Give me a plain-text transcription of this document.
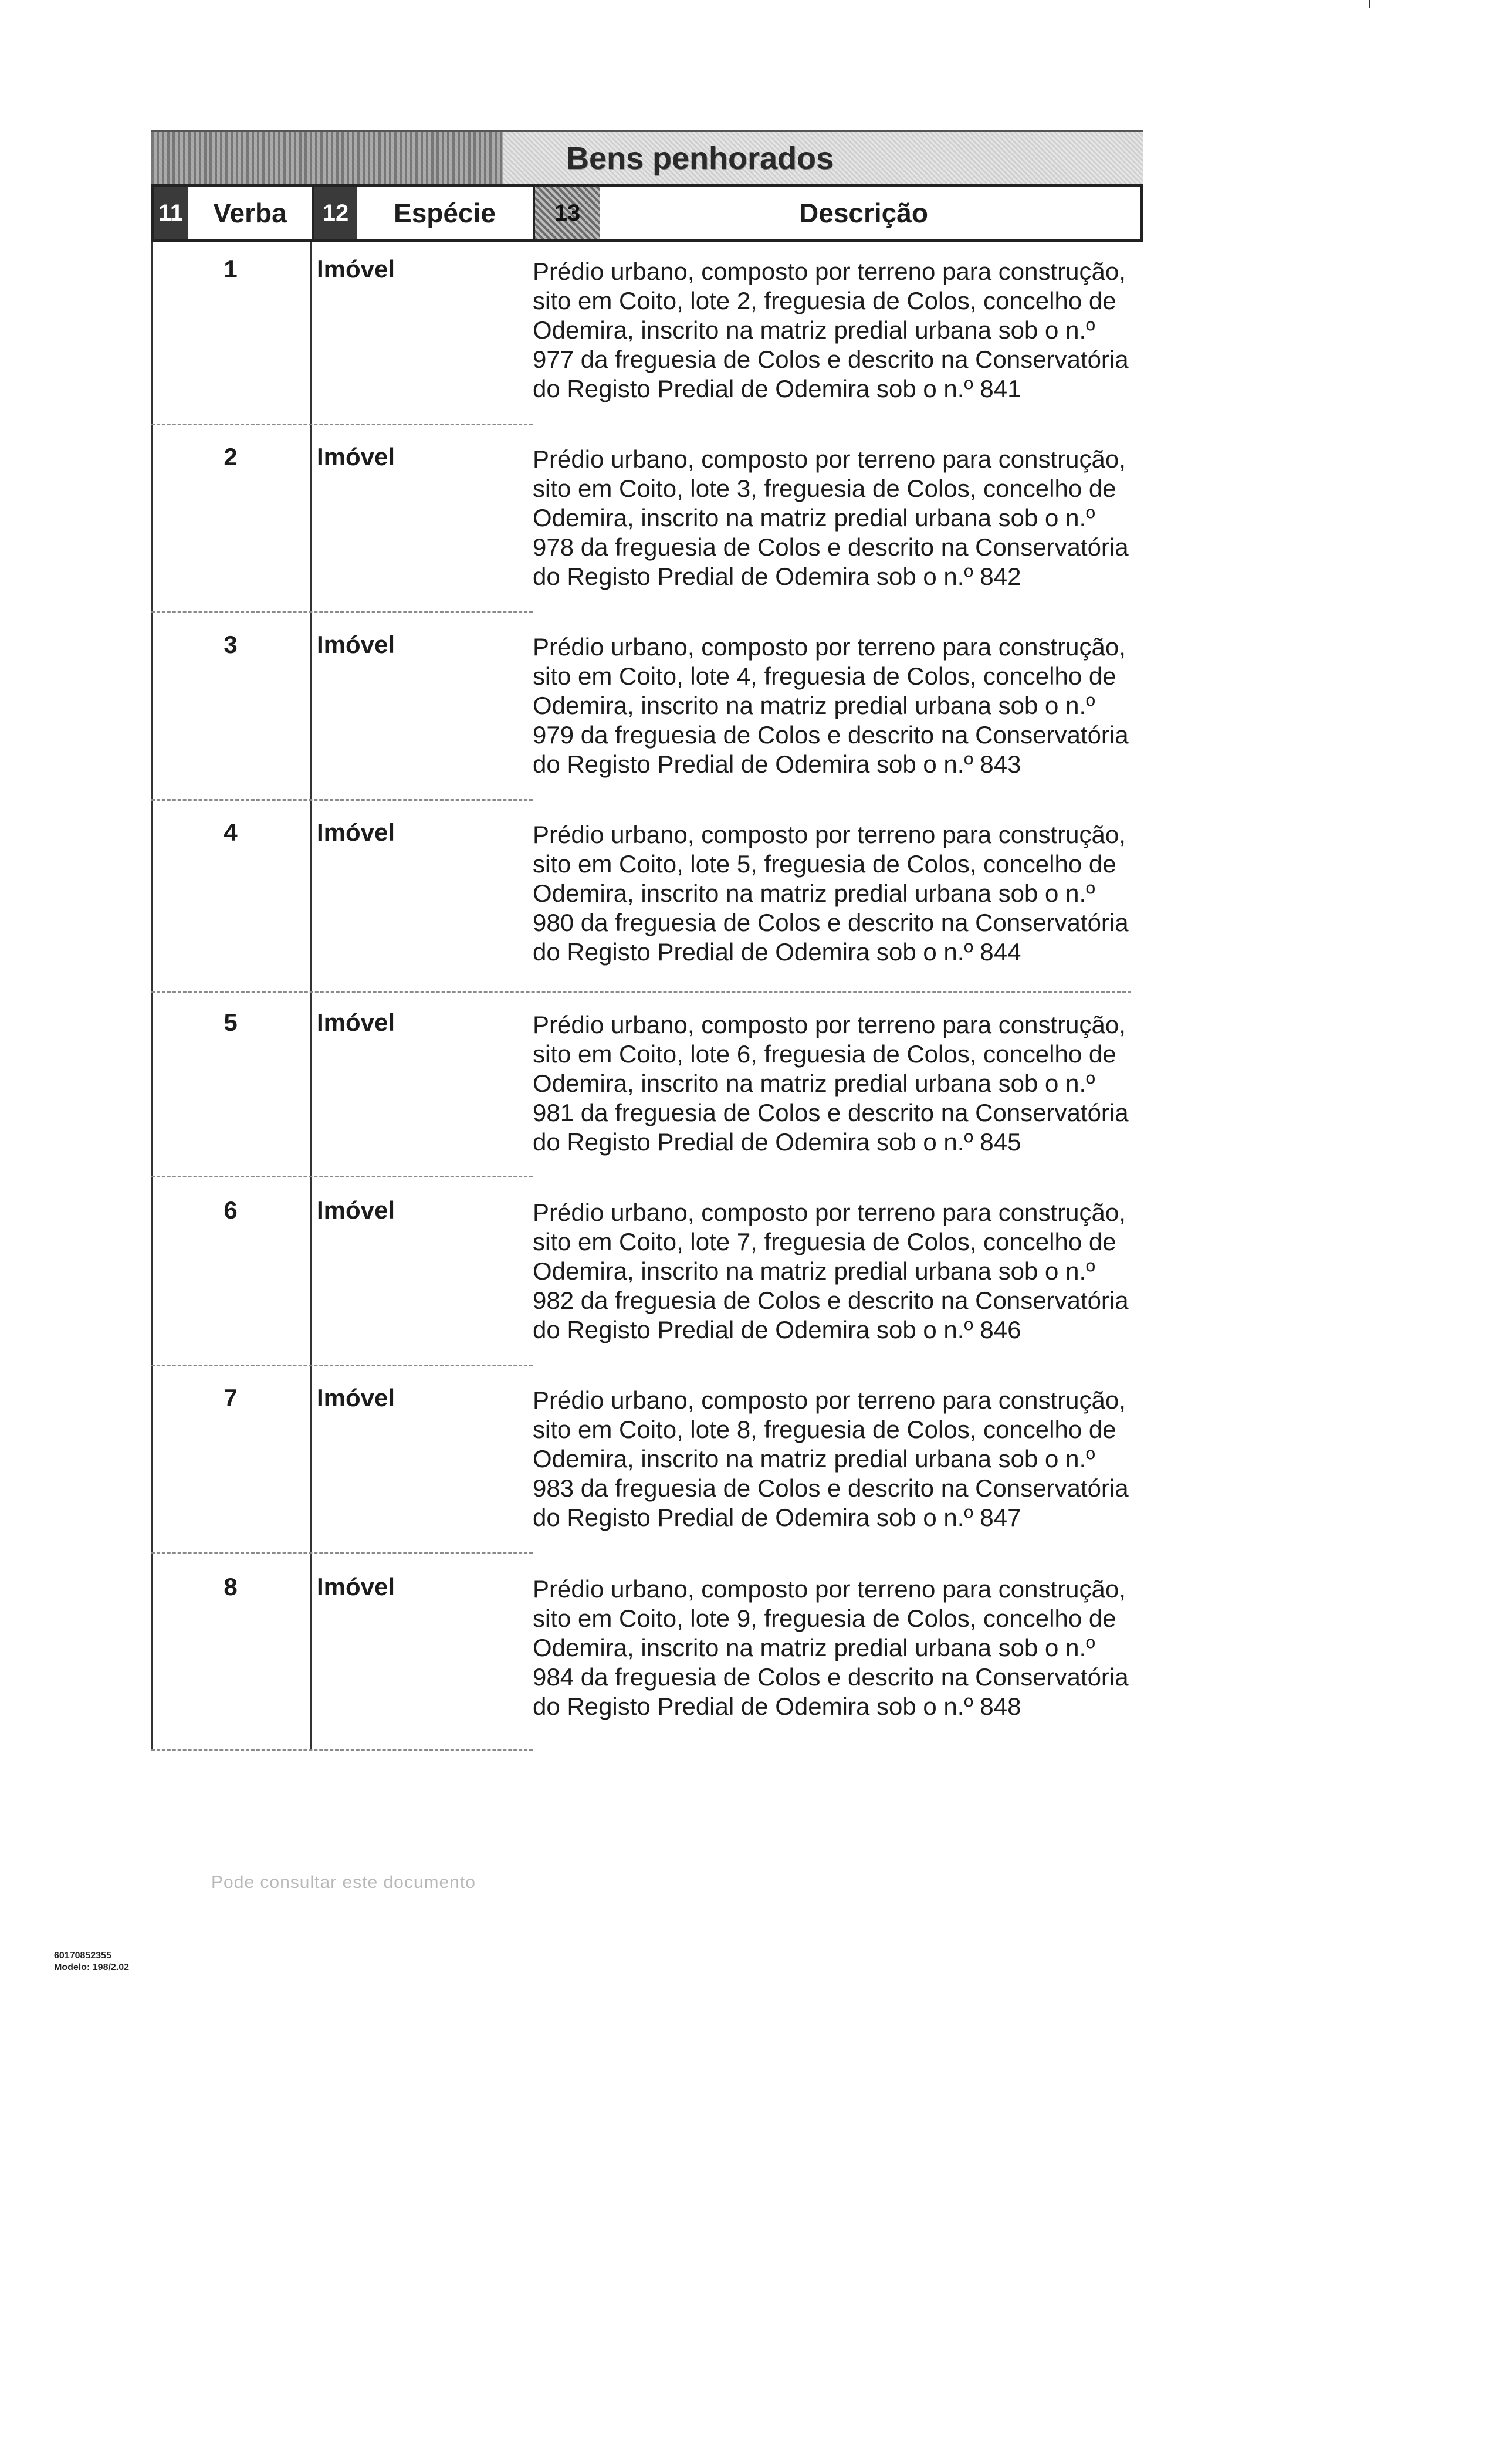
Bens penhorados
11	Verba	12	Espécie	13	Descrição
1	Imóvel	Prédio urbano, composto por terreno para construção, sito em Coito, lote 2, freguesia de Colos, concelho de Odemira, inscrito na matriz predial urbana sob o n.º 977 da freguesia de Colos e descrito na Conservatória do Registo Predial de Odemira sob o n.º 841
2	Imóvel	Prédio urbano, composto por terreno para construção, sito em Coito, lote 3, freguesia de Colos, concelho de Odemira, inscrito na matriz predial urbana sob o n.º 978 da freguesia de Colos e descrito na Conservatória do Registo Predial de Odemira sob o n.º 842
3	Imóvel	Prédio urbano, composto por terreno para construção, sito em Coito, lote 4, freguesia de Colos, concelho de Odemira, inscrito na matriz predial urbana sob o n.º 979 da freguesia de Colos e descrito na Conservatória do Registo Predial de Odemira sob o n.º 843
4	Imóvel	Prédio urbano, composto por terreno para construção, sito em Coito, lote 5, freguesia de Colos, concelho de Odemira, inscrito na matriz predial urbana sob o n.º 980 da freguesia de Colos e descrito na Conservatória do Registo Predial de Odemira sob o n.º 844
5	Imóvel	Prédio urbano, composto por terreno para construção, sito em Coito, lote 6, freguesia de Colos, concelho de Odemira, inscrito na matriz predial urbana sob o n.º 981 da freguesia de Colos e descrito na Conservatória do Registo Predial de Odemira sob o n.º 845
6	Imóvel	Prédio urbano, composto por terreno para construção, sito em Coito, lote 7, freguesia de Colos, concelho de Odemira, inscrito na matriz predial urbana sob o n.º 982 da freguesia de Colos e descrito na Conservatória do Registo Predial de Odemira sob o n.º 846
7	Imóvel	Prédio urbano, composto por terreno para construção, sito em Coito, lote 8, freguesia de Colos, concelho de Odemira, inscrito na matriz predial urbana sob o n.º 983 da freguesia de Colos e descrito na Conservatória do Registo Predial de Odemira sob o n.º 847
8	Imóvel	Prédio urbano, composto por terreno para construção, sito em Coito, lote 9, freguesia de Colos, concelho de Odemira, inscrito na matriz predial urbana sob o n.º 984 da freguesia de Colos e descrito na Conservatória do Registo Predial de Odemira sob o n.º 848
Pode consultar este documento
60170852355
Modelo: 198/2.02
